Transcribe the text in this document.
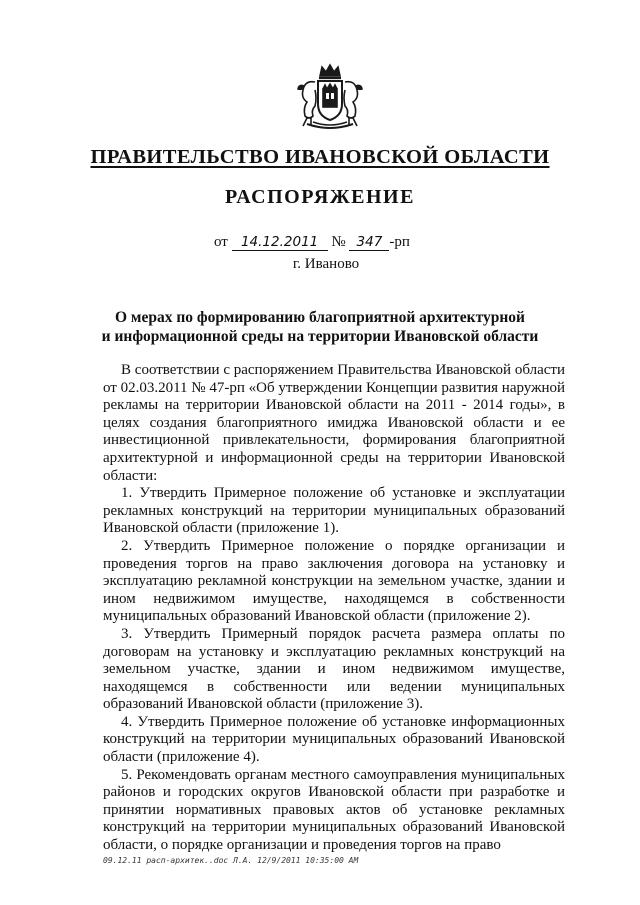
ПРАВИТЕЛЬСТВО ИВАНОВСКОЙ ОБЛАСТИ
РАСПОРЯЖЕНИЕ
от 14.12.2011 № 347 -рп
г. Иваново
О мерах по формированию благоприятной архитектурной
и информационной среды на территории Ивановской области

В соответствии с распоряжением Правительства Ивановской области от 02.03.2011 № 47-рп «Об утверждении Концепции развития наружной рекламы на территории Ивановской области на 2011 - 2014 годы», в целях создания благоприятного имиджа Ивановской области и ее инвестиционной привлекательности, формирования благоприятной архитектурной и информационной среды на территории Ивановской области:

1. Утвердить Примерное положение об установке и эксплуатации рекламных конструкций на территории муниципальных образований Ивановской области (приложение 1).

2. Утвердить Примерное положение о порядке организации и проведения торгов на право заключения договора на установку и эксплуатацию рекламной конструкции на земельном участке, здании и ином недвижимом имуществе, находящемся в собственности муниципальных образований Ивановской области (приложение 2).

3. Утвердить Примерный порядок расчета размера оплаты по договорам на установку и эксплуатацию рекламных конструкций на земельном участке, здании и ином недвижимом имуществе, находящемся в собственности или ведении муниципальных образований Ивановской области (приложение 3).

4. Утвердить Примерное положение об установке информационных конструкций на территории муниципальных образований Ивановской области (приложение 4).

5. Рекомендовать органам местного самоуправления муниципальных районов и городских округов Ивановской области при разработке и принятии нормативных правовых актов об установке рекламных конструкций на территории муниципальных образований Ивановской области, о порядке организации и проведения торгов на право

09.12.11 расп-архитек..doc Л.А. 12/9/2011 10:35:00 AM
